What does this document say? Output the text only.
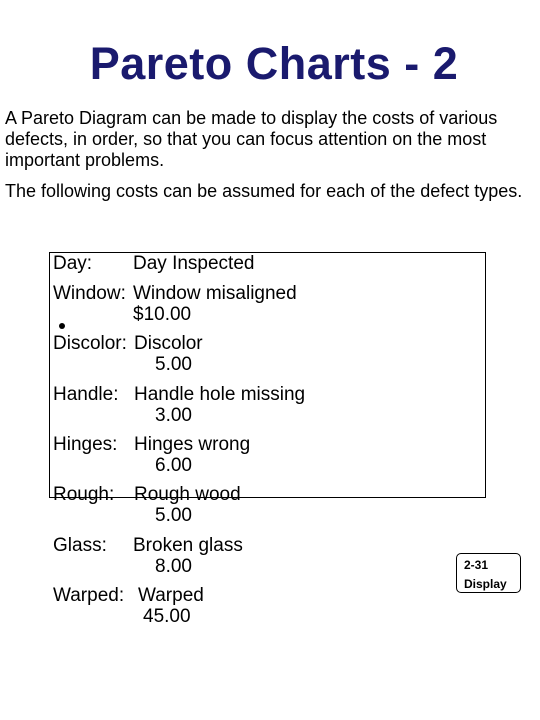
Pareto Charts - 2
A Pareto Diagram can be made to display the costs of various defects, in order, so that you can focus attention on the most important problems.
The following costs can be assumed for each of the defect types.
Day: Day Inspected
Window: Window misaligned
$10.00
Discolor: Discolor
5.00
Handle: Handle hole missing
3.00
Hinges: Hinges wrong
6.00
Rough: Rough wood
5.00
Glass: Broken glass
8.00
Warped: Warped
45.00
2-31
Display
